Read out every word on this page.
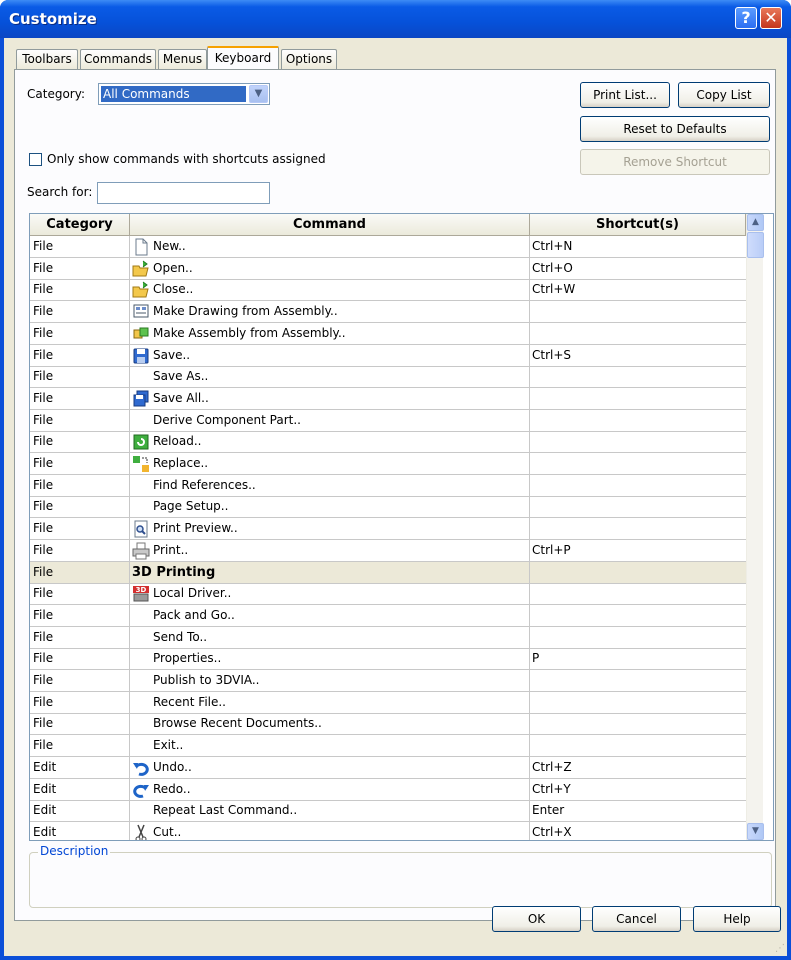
Customize	? ✕
Toolbars	Commands Menus	Keyboard	Options
Category: All Commands	▼	Print List...	Copy List
Only show commands with shortcuts assigned
Reset to Defaults
Search for:
Remove Shortcut
Category	Command	Shortcut(s)
File	New..	Ctrl+N
File	Open..	Ctrl+O
File	Close..	Ctrl+W
File	Make Drawing from Assembly..
File	Make Assembly from Assembly..
File	Save..	Ctrl+S
File	Save As..
File	Save All..
File	Derive Component Part..
File	Reload..
File	Replace..
File	Find References..
File	Page Setup..
File	Print Preview..
File	Print..	Ctrl+P
File	3D Printing
File	3D Local Driver..
File	Pack and Go..
File	Send To..
File	Properties..	P
File	Publish to 3DVIA..
File	Recent File..
File	Browse Recent Documents..
File	Exit..
Edit	Undo..	Ctrl+Z
Edit	Redo..	Ctrl+Y
Edit	Repeat Last Command..	Enter
Edit	Cut..	Ctrl+X
▲
▼
Description
OK	Cancel	Help
⋰
